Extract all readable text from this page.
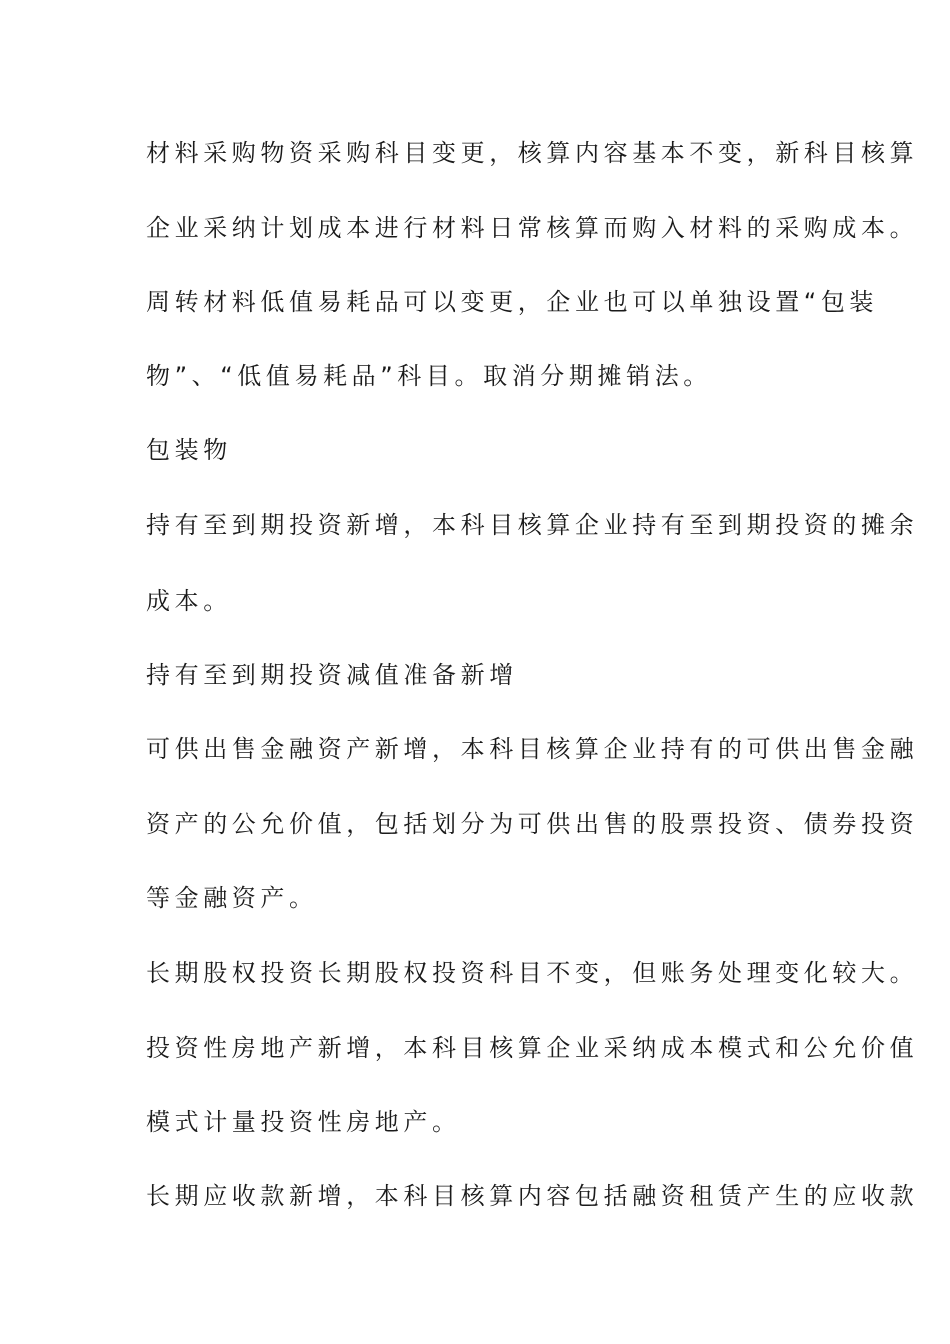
材料采购物资采购科目变更，核算内容基本不变，新科目核算

企业采纳计划成本进行材料日常核算而购入材料的采购成本。

周转材料低值易耗品可以变更，企业也可以单独设置“包装

物”、“低值易耗品”科目。取消分期摊销法。

包装物

持有至到期投资新增，本科目核算企业持有至到期投资的摊余

成本。

持有至到期投资减值准备新增

可供出售金融资产新增，本科目核算企业持有的可供出售金融

资产的公允价值，包括划分为可供出售的股票投资、债券投资

等金融资产。

长期股权投资长期股权投资科目不变，但账务处理变化较大。

投资性房地产新增，本科目核算企业采纳成本模式和公允价值

模式计量投资性房地产。

长期应收款新增，本科目核算内容包括融资租赁产生的应收款
